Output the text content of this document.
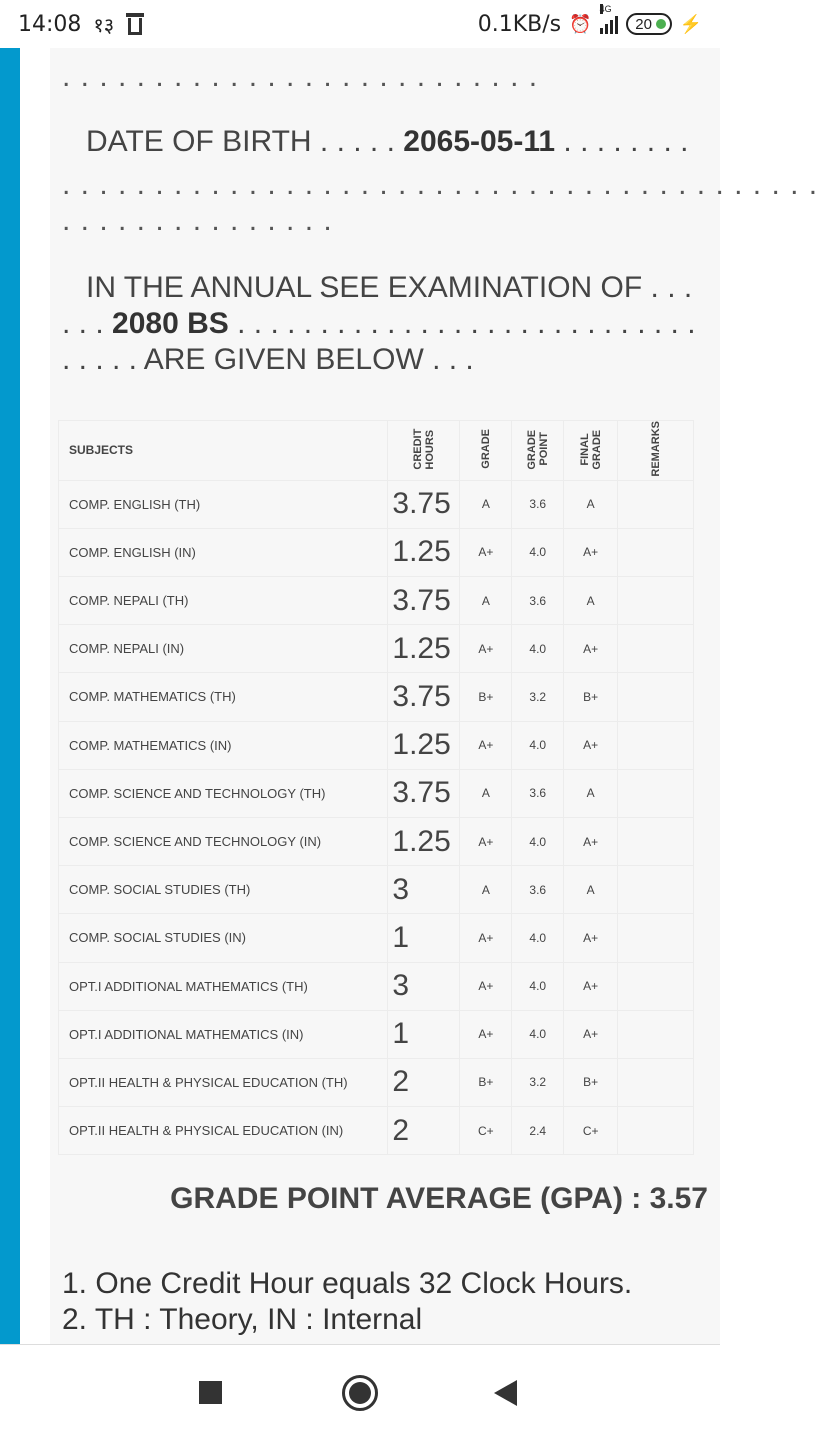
14:08 १३	0.1KB/s ⏰
4G
20 ⚡
. . . . . . . . . . . . . . . . . . . . . . . . . .
DATE OF BIRTH . . . . . 2065-05-11 . . . . . . . .
. . . . . . . . . . . . . . . . . . . . . . . . . . . . . . . . . . . . . . . . .
. . . . . . . . . . . . . . .
IN THE ANNUAL SEE EXAMINATION OF . . .
. . . 2080 BS . . . . . . . . . . . . . . . . . . . . . . . . . . . .
. . . . . ARE GIVEN BELOW . . .
SUBJECTS	CREDIT HOURS	GRADE	GRADE POINT	FINAL GRADE	REMARKS
COMP. ENGLISH (TH)	3.75	A	3.6	A	
COMP. ENGLISH (IN)	1.25	A+	4.0	A+	
COMP. NEPALI (TH)	3.75	A	3.6	A	
COMP. NEPALI (IN)	1.25	A+	4.0	A+	
COMP. MATHEMATICS (TH)	3.75	B+	3.2	B+	
COMP. MATHEMATICS (IN)	1.25	A+	4.0	A+	
COMP. SCIENCE AND TECHNOLOGY (TH)	3.75	A	3.6	A	
COMP. SCIENCE AND TECHNOLOGY (IN)	1.25	A+	4.0	A+	
COMP. SOCIAL STUDIES (TH)	3	A	3.6	A	
COMP. SOCIAL STUDIES (IN)	1	A+	4.0	A+	
OPT.I ADDITIONAL MATHEMATICS (TH)	3	A+	4.0	A+	
OPT.I ADDITIONAL MATHEMATICS (IN)	1	A+	4.0	A+	
OPT.II HEALTH & PHYSICAL EDUCATION (TH)	2	B+	3.2	B+	
OPT.II HEALTH & PHYSICAL EDUCATION (IN)	2	C+	2.4	C+	
GRADE POINT AVERAGE (GPA) : 3.57
1. One Credit Hour equals 32 Clock Hours.
2. TH : Theory, IN : Internal
